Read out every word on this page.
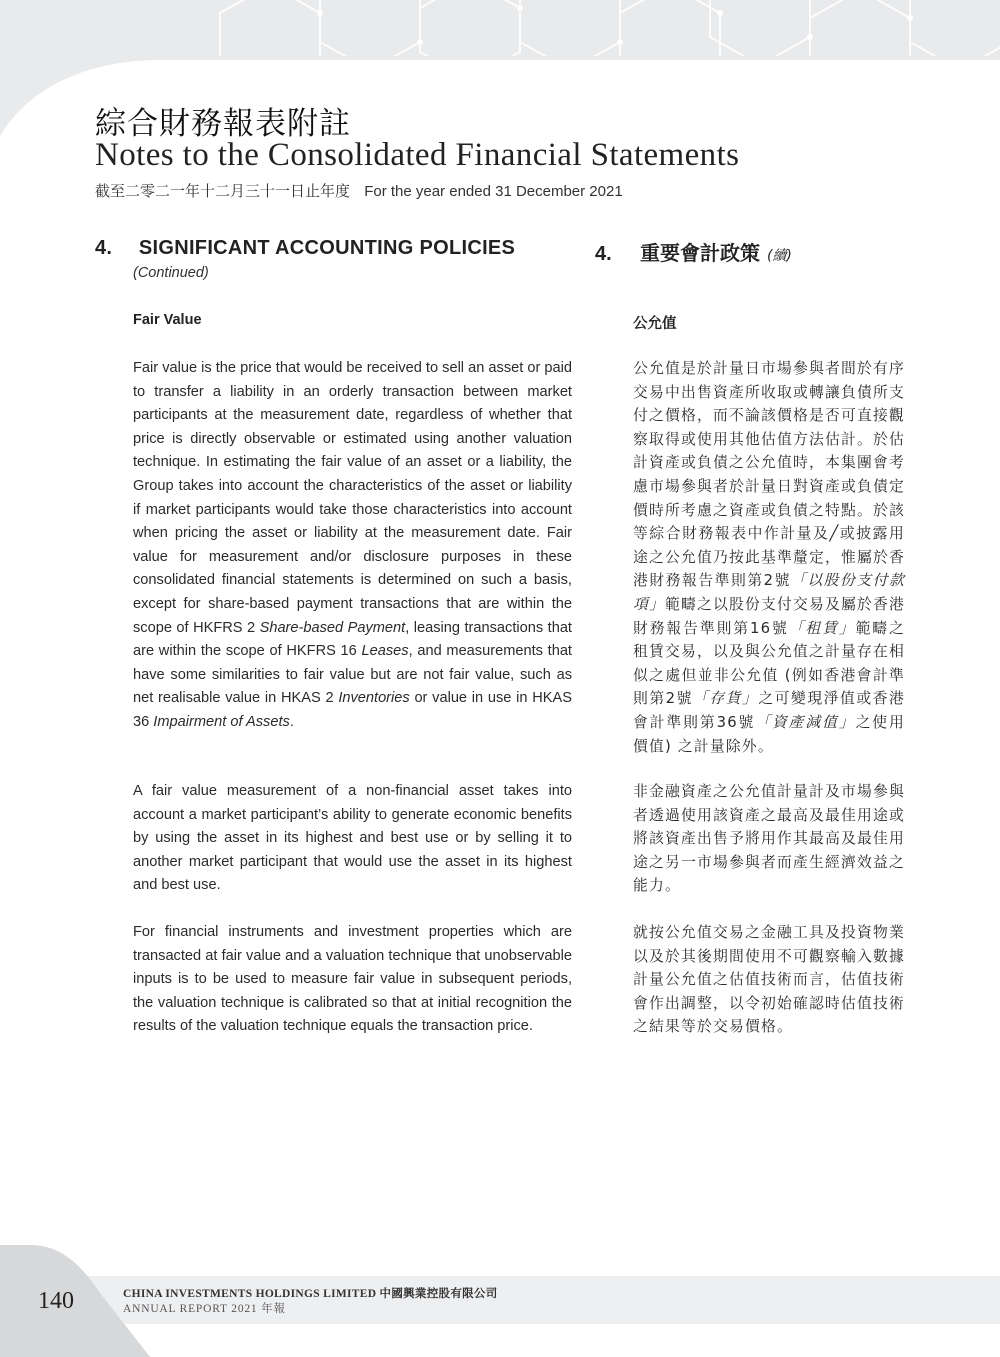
綜合財務報表附註
Notes to the Consolidated Financial Statements
截至二零二一年十二月三十一日止年度 For the year ended 31 December 2021
4. SIGNIFICANT ACCOUNTING POLICIES
(Continued)
4. 重要會計政策 (續)
Fair Value	公允值

Fair value is the price that would be received to sell an asset or paid to transfer a liability in an orderly transaction between market participants at the measurement date, regardless of whether that price is directly observable or estimated using another valuation technique. In estimating the fair value of an asset or a liability, the Group takes into account the characteristics of the asset or liability if market participants would take those characteristics into account when pricing the asset or liability at the measurement date. Fair value for measurement and/or disclosure purposes in these consolidated financial statements is determined on such a basis, except for share-based payment transactions that are within the scope of HKFRS 2 Share-based Payment, leasing transactions that are within the scope of HKFRS 16 Leases, and measurements that have some similarities to fair value but are not fair value, such as net realisable value in HKAS 2 Inventories or value in use in HKAS 36 Impairment of Assets.

A fair value measurement of a non-financial asset takes into account a market participant’s ability to generate economic benefits by using the asset in its highest and best use or by selling it to another market participant that would use the asset in its highest and best use.

For financial instruments and investment properties which are transacted at fair value and a valuation technique that unobservable inputs is to be used to measure fair value in subsequent periods, the valuation technique is calibrated so that at initial recognition the results of the valuation technique equals the transaction price.

公允值是於計量日市場參與者間於有序交易中出售資產所收取或轉讓負債所支付之價格，而不論該價格是否可直接觀察取得或使用其他估值方法估計。於估計資產或負債之公允值時，本集團會考慮市場參與者於計量日對資產或負債定價時所考慮之資產或負債之特點。於該等綜合財務報表中作計量及╱或披露用途之公允值乃按此基準釐定，惟屬於香港財務報告準則第2號「以股份支付款項」範疇之以股份支付交易及屬於香港財務報告準則第16號「租賃」範疇之租賃交易，以及與公允值之計量存在相似之處但並非公允值 (例如香港會計準則第2號「存貨」之可變現淨值或香港會計準則第36號「資產減值」之使用價值) 之計量除外。

非金融資產之公允值計量計及市場參與者透過使用該資產之最高及最佳用途或將該資產出售予將用作其最高及最佳用途之另一市場參與者而產生經濟效益之能力。

就按公允值交易之金融工具及投資物業以及於其後期間使用不可觀察輸入數據計量公允值之估值技術而言，估值技術會作出調整，以令初始確認時估值技術之結果等於交易價格。

140	CHINA INVESTMENTS HOLDINGS LIMITED 中國興業控股有限公司
ANNUAL REPORT 2021 年報
